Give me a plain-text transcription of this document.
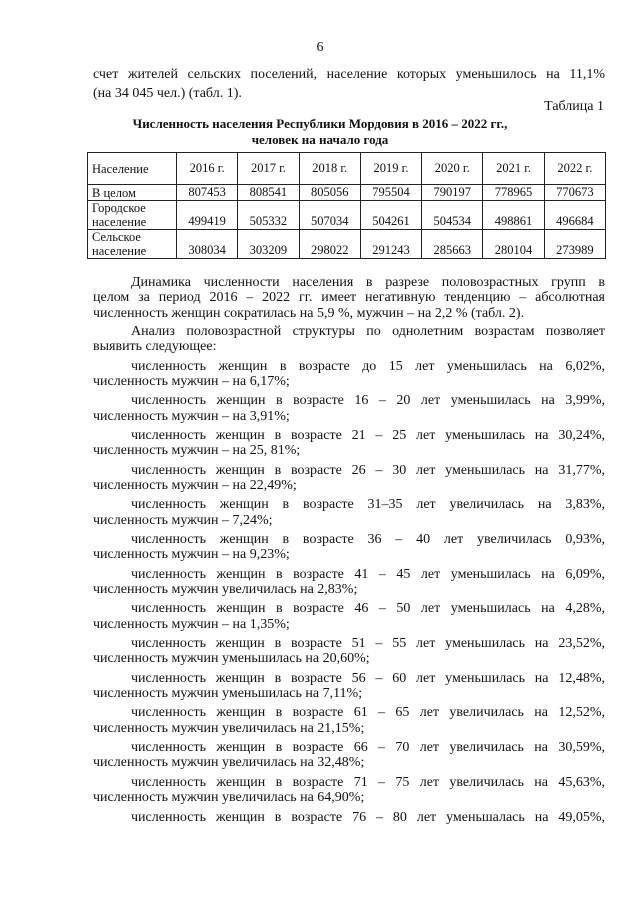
6
счет жителей сельских поселений, население которых уменьшилось на 11,1%
(на 34 045 чел.) (табл. 1).
Таблица 1
Численность населения Республики Мордовия в 2016 – 2022 гг.,
человек на начало года
Население	2016 г.	2017 г.	2018 г.	2019 г.	2020 г.	2021 г.	2022 г.
В целом	807453	808541	805056	795504	790197	778965	770673

Городское
население	499419	505332	507034	504261	504534	498861	496684

Сельское
население	308034	303209	298022	291243	285663	280104	273989

Динамика численности населения в разрезе половозрастных групп в

целом за период 2016 – 2022 гг. имеет негативную тенденцию – абсолютная

численность женщин сократилась на 5,9 %, мужчин – на 2,2 % (табл. 2).

Анализ половозрастной структуры по однолетним возрастам позволяет

выявить следующее:

численность женщин в возрасте до 15 лет уменьшилась на 6,02%,

численность мужчин – на 6,17%;

численность женщин в возрасте 16 – 20 лет уменьшилась на 3,99%,

численность мужчин – на 3,91%;

численность женщин в возрасте 21 – 25 лет уменьшилась на 30,24%,

численность мужчин – на 25, 81%;

численность женщин в возрасте 26 – 30 лет уменьшилась на 31,77%,

численность мужчин – на 22,49%;

численность женщин в возрасте 31–35 лет увеличилась на 3,83%,

численность мужчин – 7,24%;

численность женщин в возрасте 36 – 40 лет увеличилась 0,93%,

численность мужчин – на 9,23%;

численность женщин в возрасте 41 – 45 лет уменьшилась на 6,09%,

численность мужчин увеличилась на 2,83%;

численность женщин в возрасте 46 – 50 лет уменьшилась на 4,28%,

численность мужчин – на 1,35%;

численность женщин в возрасте 51 – 55 лет уменьшилась на 23,52%,

численность мужчин уменьшилась на 20,60%;

численность женщин в возрасте 56 – 60 лет уменьшилась на 12,48%,

численность мужчин уменьшилась на 7,11%;

численность женщин в возрасте 61 – 65 лет увеличилась на 12,52%,

численность мужчин увеличилась на 21,15%;

численность женщин в возрасте 66 – 70 лет увеличилась на 30,59%,

численность мужчин увеличилась на 32,48%;

численность женщин в возрасте 71 – 75 лет увеличилась на 45,63%,

численность мужчин увеличилась на 64,90%;

численность женщин в возрасте 76 – 80 лет уменьшалась на 49,05%,
